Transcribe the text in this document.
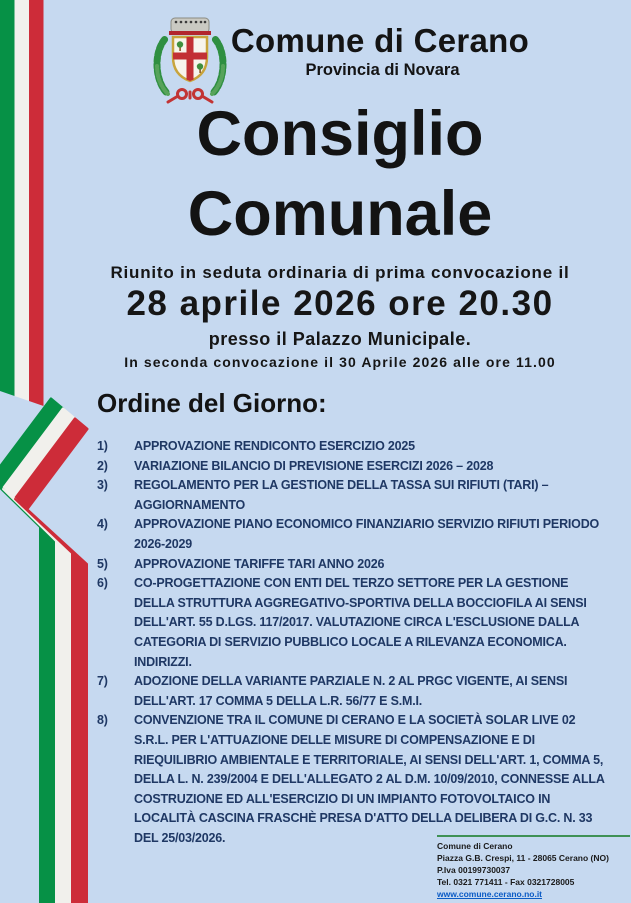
Comune di Cerano
Provincia di Novara
Consiglio
Comunale
Riunito in seduta ordinaria di prima convocazione il
28 aprile 2026 ore 20.30
presso il Palazzo Municipale.
In seconda convocazione il 30 Aprile 2026 alle ore 11.00
Ordine del Giorno:
1)	APPROVAZIONE RENDICONTO ESERCIZIO 2025
2)	VARIAZIONE BILANCIO DI PREVISIONE ESERCIZI 2026 – 2028
3)	REGOLAMENTO PER LA GESTIONE DELLA TASSA SUI RIFIUTI (TARI) – AGGIORNAMENTO
4)	APPROVAZIONE PIANO ECONOMICO FINANZIARIO SERVIZIO RIFIUTI PERIODO 2026-2029
5)	APPROVAZIONE TARIFFE TARI ANNO 2026
6)	CO-PROGETTAZIONE CON ENTI DEL TERZO SETTORE PER LA GESTIONE DELLA STRUTTURA AGGREGATIVO-SPORTIVA DELLA BOCCIOFILA AI SENSI DELL'ART. 55 D.LGS. 117/2017. VALUTAZIONE CIRCA L'ESCLUSIONE DALLA CATEGORIA DI SERVIZIO PUBBLICO LOCALE A RILEVANZA ECONOMICA. INDIRIZZI.
7)	ADOZIONE DELLA VARIANTE PARZIALE N. 2 AL PRGC VIGENTE, AI SENSI DELL'ART. 17 COMMA 5 DELLA L.R. 56/77 E S.M.I.
8)	CONVENZIONE TRA IL COMUNE DI CERANO E LA SOCIETÀ SOLAR LIVE 02 S.R.L. PER L'ATTUAZIONE DELLE MISURE DI COMPENSAZIONE E DI RIEQUILIBRIO AMBIENTALE E TERRITORIALE, AI SENSI DELL'ART. 1, COMMA 5, DELLA L. N. 239/2004 E DELL'ALLEGATO 2 AL D.M. 10/09/2010, CONNESSE ALLA COSTRUZIONE ED ALL'ESERCIZIO DI UN IMPIANTO FOTOVOLTAICO IN LOCALITÀ CASCINA FRASCHÈ PRESA D'ATTO DELLA DELIBERA DI G.C. N. 33 DEL 25/03/2026.
Comune di Cerano
Piazza G.B. Crespi, 11 - 28065 Cerano (NO)
P.Iva 00199730037
Tel. 0321 771411 - Fax 0321728005
www.comune.cerano.no.it
